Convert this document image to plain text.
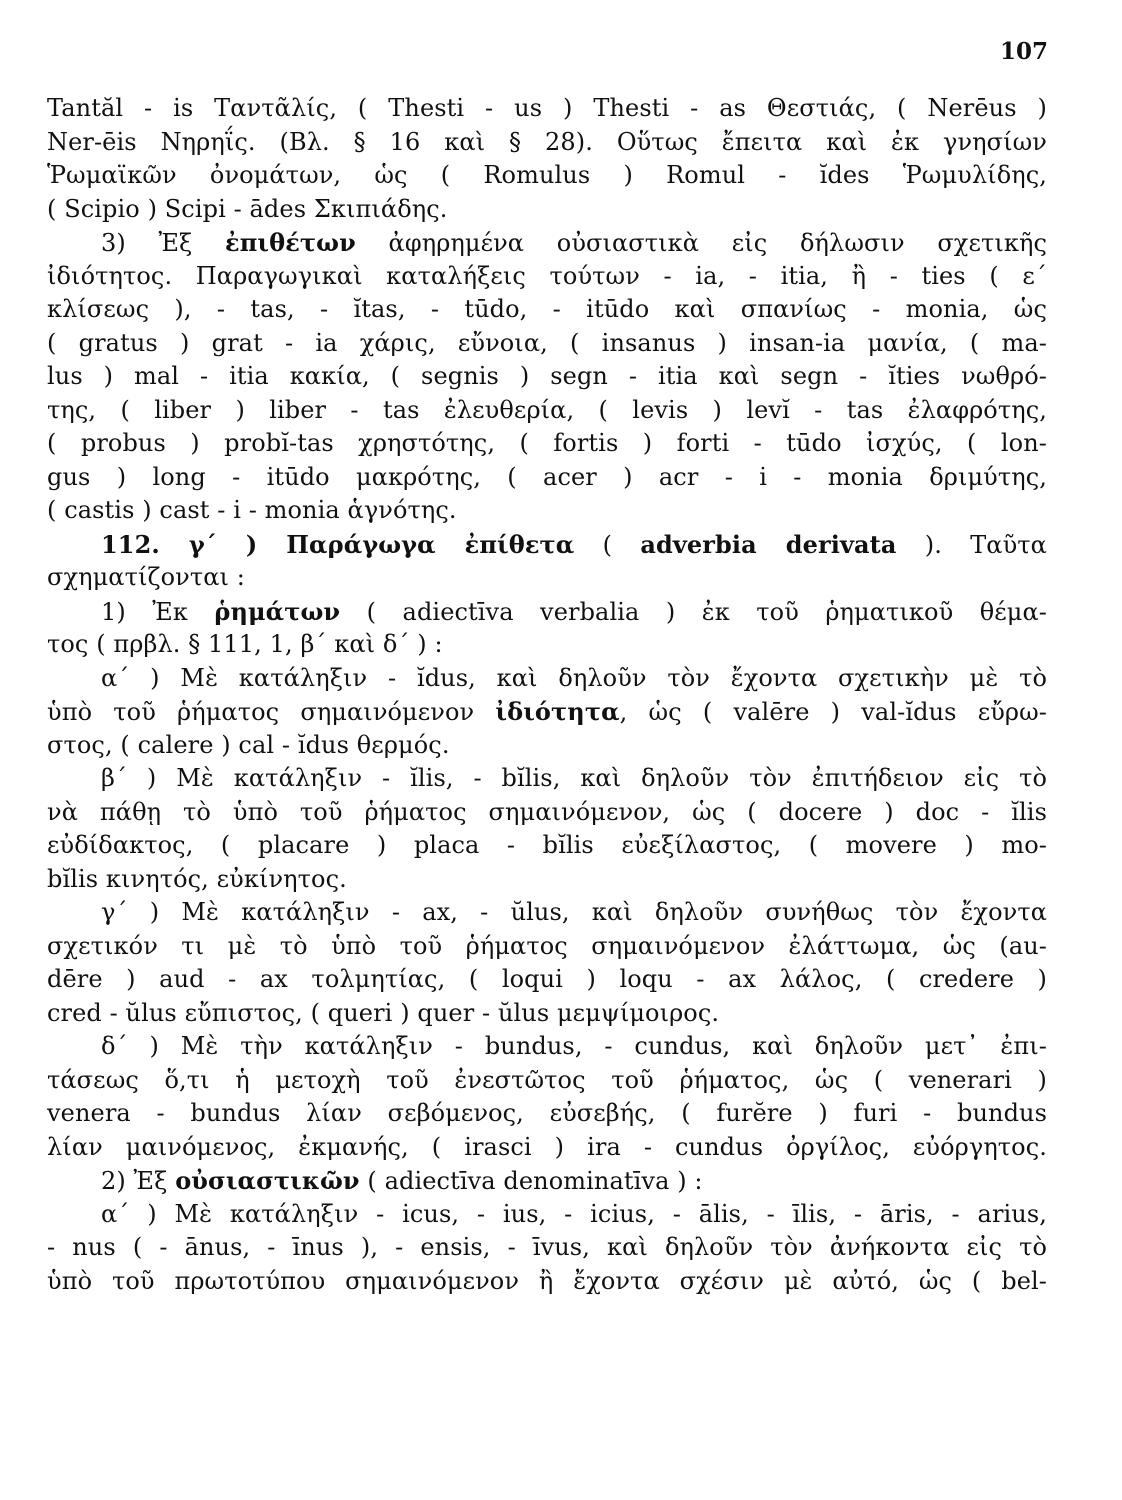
107
Tantăl - is Ταντᾶλίς, ( Thesti - us ) Thesti - as Θεστιάς, ( Nerēus )
Ner-ēis Νηρηΐς. (Βλ. § 16 καὶ § 28). Οὕτως ἔπειτα καὶ ἐκ γνησίων
Ῥωμαϊκῶν ὀνομάτων, ὡς ( Romulus ) Romul - ĭdes Ῥωμυλίδης,
( Scipio ) Scipi - ādes Σκιπιάδης.
3) Ἐξ ἐπιθέτων ἀφηρημένα οὐσιαστικὰ εἰς δήλωσιν σχετικῆς
ἰδιότητος. Παραγωγικαὶ καταλήξεις τούτων - ia, - itia, ἢ - ties ( ε΄
κλίσεως ), - tas, - ĭtas, - tūdo, - itūdo καὶ σπανίως - monia, ὡς
( gratus ) grat - ia χάρις, εὔνοια, ( insanus ) insan-ia μανία, ( ma-
lus ) mal - itia κακία, ( segnis ) segn - itia καὶ segn - ĭties νωθρό-
της, ( liber ) liber - tas ἐλευθερία, ( levis ) levĭ - tas ἐλαφρότης,
( probus ) probĭ-tas χρηστότης, ( fortis ) forti - tūdo ἰσχύς, ( lon-
gus ) long - itūdo μακρότης, ( acer ) acr - i - monia δριμύτης,
( castis ) cast - i - monia ἁγνότης.
112. γ΄ ) Παράγωγα ἐπίθετα ( adverbia derivata ). Ταῦτα
σχηματίζονται :
1) Ἐκ ῥημάτων ( adiectīva verbalia ) ἐκ τοῦ ῥηματικοῦ θέμα-
τος ( πρβλ. § 111, 1, β΄ καὶ δ΄ ) :
α΄ ) Μὲ κατάληξιν - ĭdus, καὶ δηλοῦν τὸν ἔχοντα σχετικὴν μὲ τὸ
ὑπὸ τοῦ ῥήματος σημαινόμενον ἰδιότητα, ὡς ( valēre ) val-ĭdus εὔρω-
στος, ( calere ) cal - ĭdus θερμός.
β΄ ) Μὲ κατάληξιν - ĭlis, - bĭlis, καὶ δηλοῦν τὸν ἐπιτήδειον εἰς τὸ
νὰ πάθῃ τὸ ὑπὸ τοῦ ῥήματος σημαινόμενον, ὡς ( docere ) doc - ĭlis
εὐδίδακτος, ( placare ) placa - bĭlis εὐεξίλαστος, ( movere ) mo-
bĭlis κινητός, εὐκίνητος.
γ΄ ) Μὲ κατάληξιν - ax, - ŭlus, καὶ δηλοῦν συνήθως τὸν ἔχοντα
σχετικόν τι μὲ τὸ ὑπὸ τοῦ ῥήματος σημαινόμενον ἐλάττωμα, ὡς (au-
dēre ) aud - ax τολμητίας, ( loqui ) loqu - ax λάλος, ( credere )
cred - ŭlus εὔπιστος, ( queri ) quer - ŭlus μεμψίμοιρος.
δ΄ ) Μὲ τὴν κατάληξιν - bundus, - cundus, καὶ δηλοῦν μετ᾽ ἐπι-
τάσεως ὅ,τι ἡ μετοχὴ τοῦ ἐνεστῶτος τοῦ ῥήματος, ὡς ( venerari )
venera - bundus λίαν σεβόμενος, εὐσεβής, ( furĕre ) furi - bundus
λίαν μαινόμενος, ἐκμανής, ( irasci ) ira - cundus ὀργίλος, εὐόργητος.
2) Ἐξ οὐσιαστικῶν ( adiectīva denominatīva ) :
α΄ ) Μὲ κατάληξιν - icus, - ius, - icius, - ālis, - īlis, - āris, - arius,
- nus ( - ānus, - īnus ), - ensis, - īvus, καὶ δηλοῦν τὸν ἀνήκοντα εἰς τὸ
ὑπὸ τοῦ πρωτοτύπου σημαινόμενον ἢ ἔχοντα σχέσιν μὲ αὐτό, ὡς ( bel-
